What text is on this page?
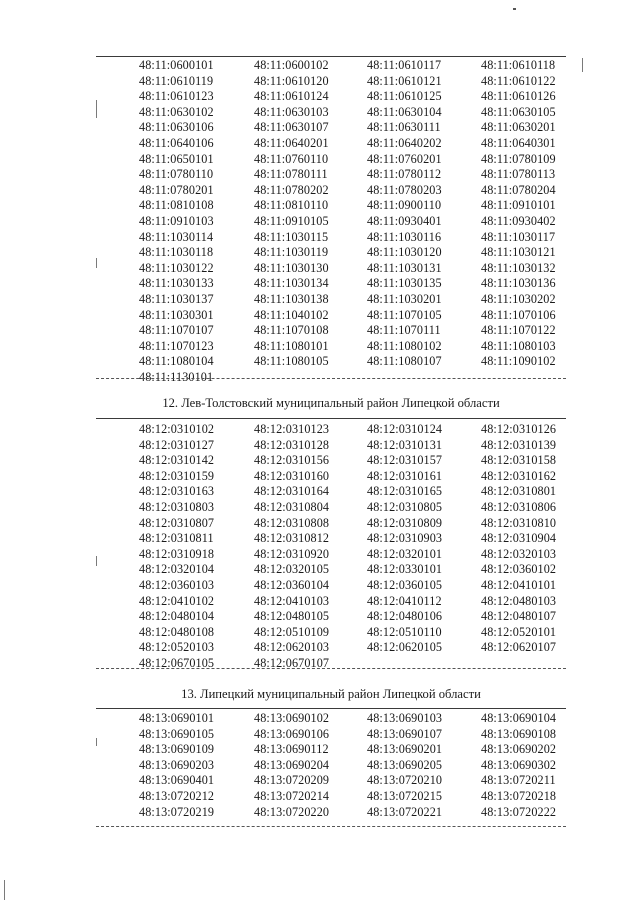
48:11:0600101	48:11:0600102	48:11:0610117	48:11:0610118
48:11:0610119	48:11:0610120	48:11:0610121	48:11:0610122
48:11:0610123	48:11:0610124	48:11:0610125	48:11:0610126
48:11:0630102	48:11:0630103	48:11:0630104	48:11:0630105
48:11:0630106	48:11:0630107	48:11:0630111	48:11:0630201
48:11:0640106	48:11:0640201	48:11:0640202	48:11:0640301
48:11:0650101	48:11:0760110	48:11:0760201	48:11:0780109
48:11:0780110	48:11:0780111	48:11:0780112	48:11:0780113
48:11:0780201	48:11:0780202	48:11:0780203	48:11:0780204
48:11:0810108	48:11:0810110	48:11:0900110	48:11:0910101
48:11:0910103	48:11:0910105	48:11:0930401	48:11:0930402
48:11:1030114	48:11:1030115	48:11:1030116	48:11:1030117
48:11:1030118	48:11:1030119	48:11:1030120	48:11:1030121
48:11:1030122	48:11:1030130	48:11:1030131	48:11:1030132
48:11:1030133	48:11:1030134	48:11:1030135	48:11:1030136
48:11:1030137	48:11:1030138	48:11:1030201	48:11:1030202
48:11:1030301	48:11:1040102	48:11:1070105	48:11:1070106
48:11:1070107	48:11:1070108	48:11:1070111	48:11:1070122
48:11:1070123	48:11:1080101	48:11:1080102	48:11:1080103
48:11:1080104	48:11:1080105	48:11:1080107	48:11:1090102
48:11:1130101
12. Лев-Толстовский муниципальный район Липецкой области
48:12:0310102	48:12:0310123	48:12:0310124	48:12:0310126
48:12:0310127	48:12:0310128	48:12:0310131	48:12:0310139
48:12:0310142	48:12:0310156	48:12:0310157	48:12:0310158
48:12:0310159	48:12:0310160	48:12:0310161	48:12:0310162
48:12:0310163	48:12:0310164	48:12:0310165	48:12:0310801
48:12:0310803	48:12:0310804	48:12:0310805	48:12:0310806
48:12:0310807	48:12:0310808	48:12:0310809	48:12:0310810
48:12:0310811	48:12:0310812	48:12:0310903	48:12:0310904
48:12:0310918	48:12:0310920	48:12:0320101	48:12:0320103
48:12:0320104	48:12:0320105	48:12:0330101	48:12:0360102
48:12:0360103	48:12:0360104	48:12:0360105	48:12:0410101
48:12:0410102	48:12:0410103	48:12:0410112	48:12:0480103
48:12:0480104	48:12:0480105	48:12:0480106	48:12:0480107
48:12:0480108	48:12:0510109	48:12:0510110	48:12:0520101
48:12:0520103	48:12:0620103	48:12:0620105	48:12:0620107
48:12:0670105	48:12:0670107
13. Липецкий муниципальный район Липецкой области
48:13:0690101	48:13:0690102	48:13:0690103	48:13:0690104
48:13:0690105	48:13:0690106	48:13:0690107	48:13:0690108
48:13:0690109	48:13:0690112	48:13:0690201	48:13:0690202
48:13:0690203	48:13:0690204	48:13:0690205	48:13:0690302
48:13:0690401	48:13:0720209	48:13:0720210	48:13:0720211
48:13:0720212	48:13:0720214	48:13:0720215	48:13:0720218
48:13:0720219	48:13:0720220	48:13:0720221	48:13:0720222
